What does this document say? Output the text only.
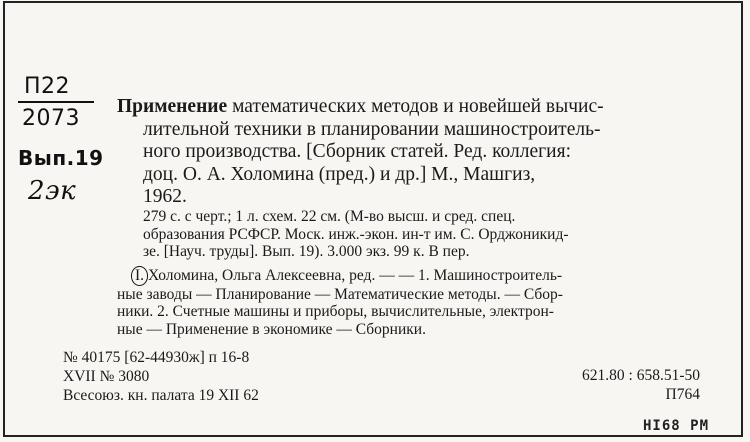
П22
2073
Вып.19
2эк
Применение математических методов и новейшей вычис-
лительной техники в планировании машиностроитель-
ного производства. [Сборник статей. Ред. коллегия:
доц. О. А. Холомина (пред.) и др.] М., Машгиз,
1962.
279 с. с черт.; 1 л. схем. 22 см. (М-во высш. и сред. спец.
образования РСФСР. Моск. инж.-экон. ин-т им. С. Орджоникид-
зе. [Науч. труды]. Вып. 19). 3.000 экз. 99 к. В пер.
I. Холомина, Ольга Алексеевна, ред. — — 1. Машиностроитель-
ные заводы — Планирование — Математические методы. — Сбор-
ники. 2. Счетные машины и приборы, вычислительные, электрон-
ные — Применение в экономике — Сборники.
№ 40175 [62-44930ж] п 16-8
XVII № 3080
Всесоюз. кн. палата 19 XII 62
621.80 : 658.51-50
П764
НІ68 РМ
